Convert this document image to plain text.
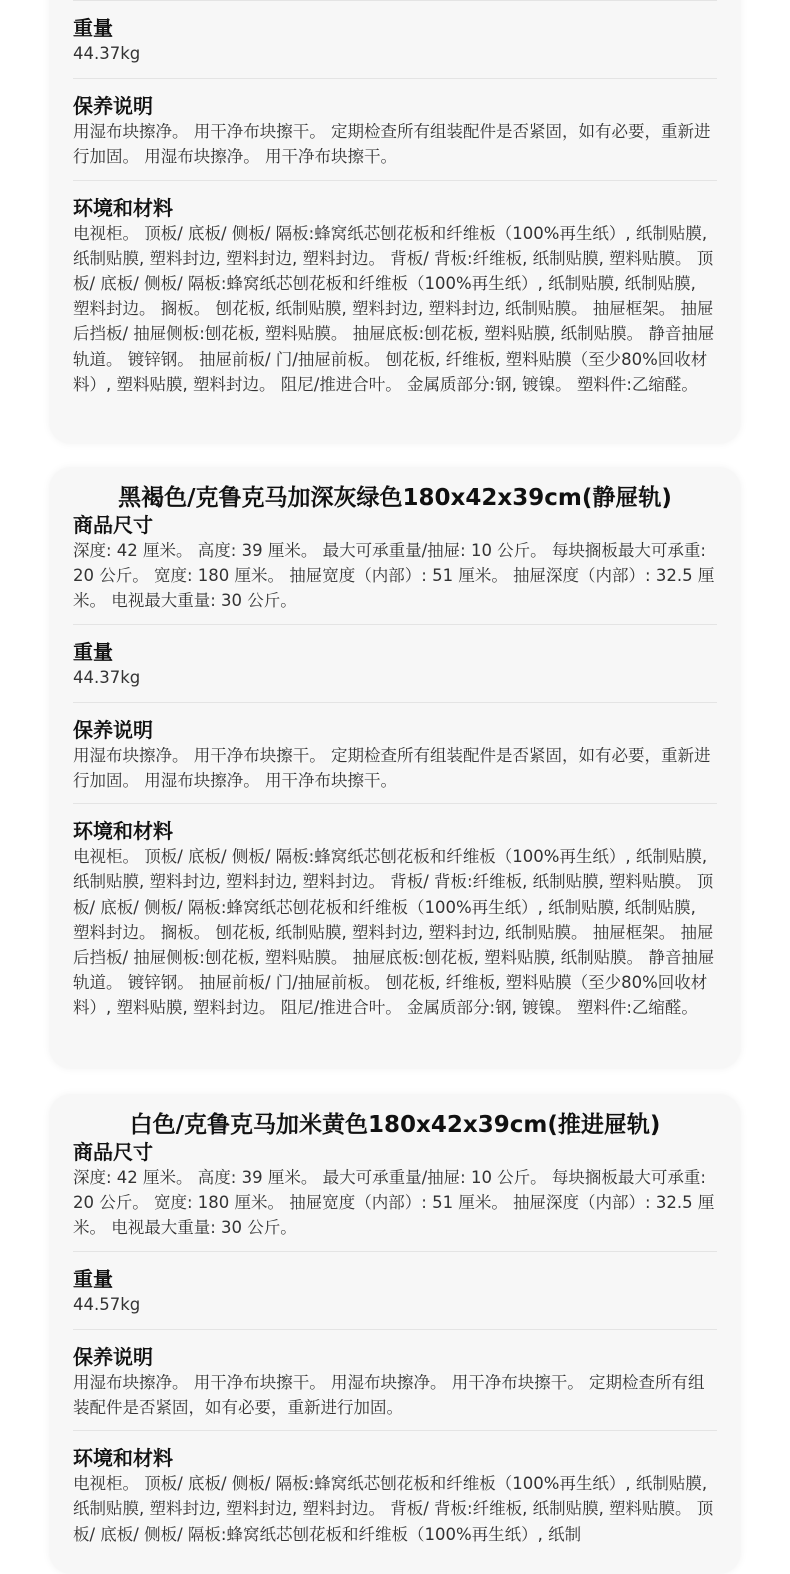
重量
44.37kg
保养说明
用湿布块擦净。 用干净布块擦干。 定期检查所有组装配件是否紧固，如有必要，重新进行加固。 用湿布块擦净。 用干净布块擦干。
环境和材料
电视柜。 顶板/ 底板/ 侧板/ 隔板:蜂窝纸芯刨花板和纤维板（100%再生纸）, 纸制贴膜, 纸制贴膜, 塑料封边, 塑料封边, 塑料封边。 背板/ 背板:纤维板, 纸制贴膜, 塑料贴膜。 顶板/ 底板/ 侧板/ 隔板:蜂窝纸芯刨花板和纤维板（100%再生纸）, 纸制贴膜, 纸制贴膜, 塑料封边。 搁板。 刨花板, 纸制贴膜, 塑料封边, 塑料封边, 纸制贴膜。 抽屉框架。 抽屉后挡板/ 抽屉侧板:刨花板, 塑料贴膜。 抽屉底板:刨花板, 塑料贴膜, 纸制贴膜。 静音抽屉轨道。 镀锌钢。 抽屉前板/ 门/抽屉前板。 刨花板, 纤维板, 塑料贴膜（至少80%回收材料）, 塑料贴膜, 塑料封边。 阻尼/推进合叶。 金属质部分:钢, 镀镍。 塑料件:乙缩醛。
黑褐色/克鲁克马加深灰绿色180x42x39cm(静屉轨)
商品尺寸
深度: 42 厘米。 高度: 39 厘米。 最大可承重量/抽屉: 10 公斤。 每块搁板最大可承重: 20 公斤。 宽度: 180 厘米。 抽屉宽度（内部）: 51 厘米。 抽屉深度（内部）: 32.5 厘米。 电视最大重量: 30 公斤。
重量
44.37kg
保养说明
用湿布块擦净。 用干净布块擦干。 定期检查所有组装配件是否紧固，如有必要，重新进行加固。 用湿布块擦净。 用干净布块擦干。
环境和材料
电视柜。 顶板/ 底板/ 侧板/ 隔板:蜂窝纸芯刨花板和纤维板（100%再生纸）, 纸制贴膜, 纸制贴膜, 塑料封边, 塑料封边, 塑料封边。 背板/ 背板:纤维板, 纸制贴膜, 塑料贴膜。 顶板/ 底板/ 侧板/ 隔板:蜂窝纸芯刨花板和纤维板（100%再生纸）, 纸制贴膜, 纸制贴膜, 塑料封边。 搁板。 刨花板, 纸制贴膜, 塑料封边, 塑料封边, 纸制贴膜。 抽屉框架。 抽屉后挡板/ 抽屉侧板:刨花板, 塑料贴膜。 抽屉底板:刨花板, 塑料贴膜, 纸制贴膜。 静音抽屉轨道。 镀锌钢。 抽屉前板/ 门/抽屉前板。 刨花板, 纤维板, 塑料贴膜（至少80%回收材料）, 塑料贴膜, 塑料封边。 阻尼/推进合叶。 金属质部分:钢, 镀镍。 塑料件:乙缩醛。
白色/克鲁克马加米黄色180x42x39cm(推进屉轨)
商品尺寸
深度: 42 厘米。 高度: 39 厘米。 最大可承重量/抽屉: 10 公斤。 每块搁板最大可承重: 20 公斤。 宽度: 180 厘米。 抽屉宽度（内部）: 51 厘米。 抽屉深度（内部）: 32.5 厘米。 电视最大重量: 30 公斤。
重量
44.57kg
保养说明
用湿布块擦净。 用干净布块擦干。 用湿布块擦净。 用干净布块擦干。 定期检查所有组装配件是否紧固，如有必要，重新进行加固。
环境和材料
电视柜。 顶板/ 底板/ 侧板/ 隔板:蜂窝纸芯刨花板和纤维板（100%再生纸）, 纸制贴膜, 纸制贴膜, 塑料封边, 塑料封边, 塑料封边。 背板/ 背板:纤维板, 纸制贴膜, 塑料贴膜。 顶板/ 底板/ 侧板/ 隔板:蜂窝纸芯刨花板和纤维板（100%再生纸）, 纸制
